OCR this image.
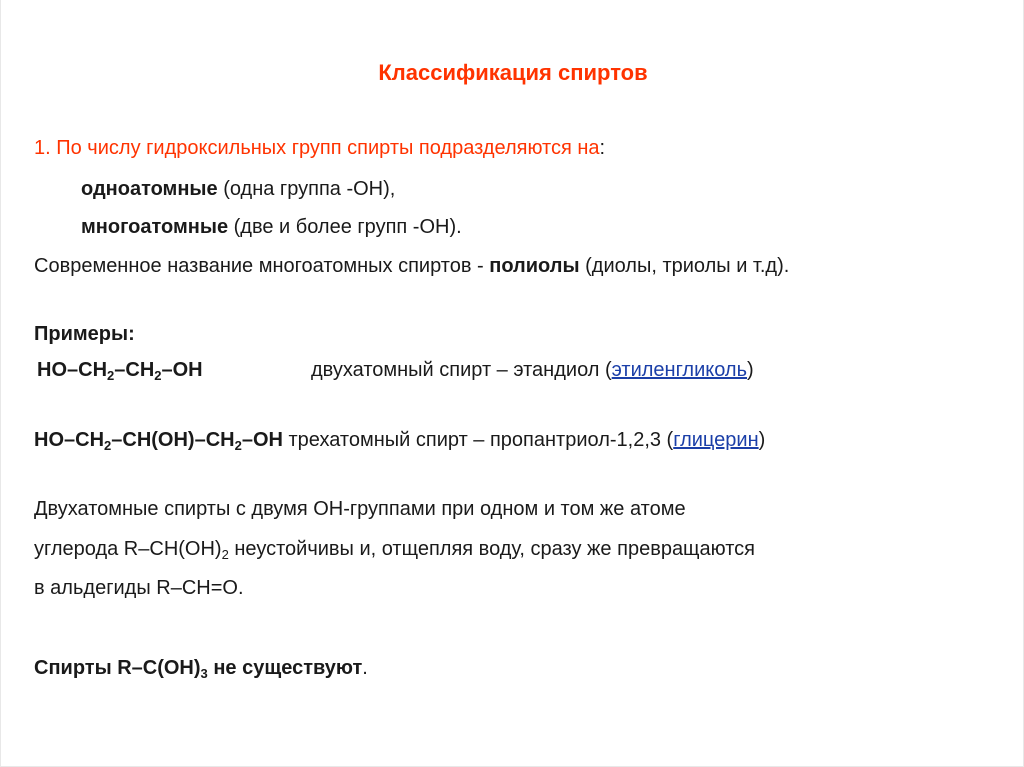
Классификация спиртов
1. По числу гидроксильных групп спирты подразделяются на:
одноатомные (одна группа -ОН),
многоатомные (две и более групп -ОН).
Современное название многоатомных спиртов - полиолы (диолы, триолы и т.д).
Примеры:
$HO-CH_2-CH_2-OH$	двухатомный спирт – этандиол (этиленгликоль)
$HO-CH_2-CH(OH)-CH_2-OH$ трехатомный спирт – пропантриол-1,2,3 (глицерин)
Двухатомные спирты с двумя ОН-группами при одном и том же атоме
углерода $R-CH(OH)_2$ неустойчивы и, отщепляя воду, сразу же превращаются
в альдегиды R–CH=O.
Спирты $R-C(OH)_3$ не существуют.
